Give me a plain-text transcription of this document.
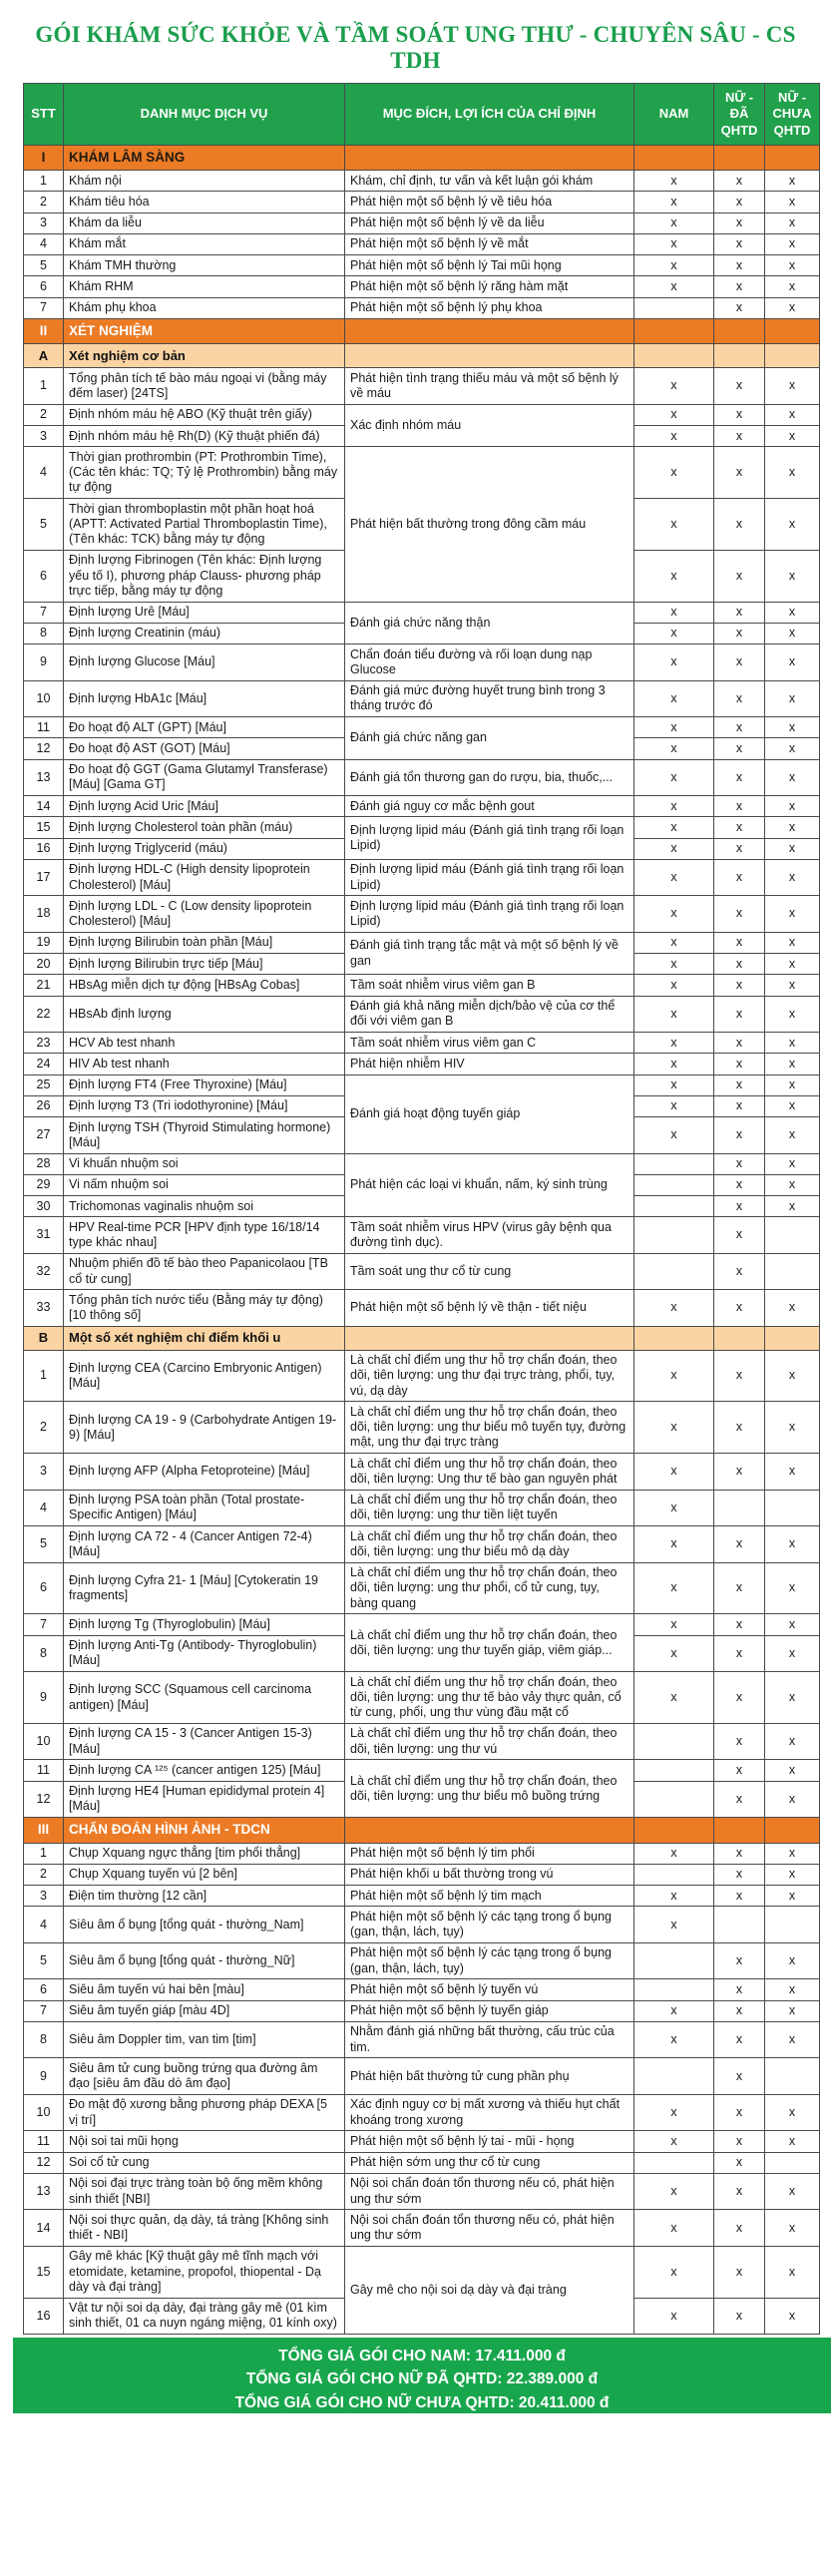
GÓI KHÁM SỨC KHỎE VÀ TẦM SOÁT UNG THƯ - CHUYÊN SÂU - CS TDH
STT	DANH MỤC DỊCH VỤ	MỤC ĐÍCH, LỢI ÍCH CỦA CHỈ ĐỊNH	NAM	NỮ - ĐÃ QHTD	NỮ - CHƯA QHTD
I	KHÁM LÂM SÀNG				
1	Khám nội	Khám, chỉ định, tư vấn và kết luận gói khám	x	x	x
2	Khám tiêu hóa	Phát hiện một số bệnh lý về tiêu hóa	x	x	x
3	Khám da liễu	Phát hiện một số bệnh lý về da liễu	x	x	x
4	Khám mắt	Phát hiện một số bệnh lý về mắt	x	x	x
5	Khám TMH thường	Phát hiện một số bệnh lý Tai mũi họng	x	x	x
6	Khám RHM	Phát hiện một số bệnh lý răng hàm mặt	x	x	x
7	Khám phụ khoa	Phát hiện một số bệnh lý phụ khoa		x	x
II	XÉT NGHIỆM				
A	Xét nghiệm cơ bản				
1	Tổng phân tích tế bào máu ngoại vi (bằng máy đếm laser) [24TS]	Phát hiện tình trạng thiếu máu và một số bệnh lý về máu	x	x	x
2	Định nhóm máu hệ ABO (Kỹ thuật trên giấy)	Xác định nhóm máu	x	x	x
3	Định nhóm máu hệ Rh(D) (Kỹ thuật phiến đá)		x	x	x
4	Thời gian prothrombin (PT: Prothrombin Time), (Các tên khác: TQ; Tỷ lệ Prothrombin) bằng máy tự động	Phát hiện bất thường trong đông cầm máu	x	x	x
5	Thời gian thromboplastin một phần hoạt hoá (APTT: Activated Partial Thromboplastin Time), (Tên khác: TCK) bằng máy tự động		x	x	x
6	Định lượng Fibrinogen (Tên khác: Định lượng yếu tố I), phương pháp Clauss- phương pháp trực tiếp, bằng máy tự động		x	x	x
7	Định lượng Urê [Máu]	Đánh giá chức năng thận	x	x	x
8	Định lượng Creatinin (máu)		x	x	x
9	Định lượng Glucose [Máu]	Chẩn đoán tiểu đường và rối loạn dung nạp Glucose	x	x	x
10	Định lượng HbA1c [Máu]	Đánh giá mức đường huyết trung bình trong 3 tháng trước đó	x	x	x
11	Đo hoạt độ ALT (GPT) [Máu]	Đánh giá chức năng gan	x	x	x
12	Đo hoạt độ AST (GOT) [Máu]		x	x	x
13	Đo hoạt độ GGT (Gama Glutamyl Transferase) [Máu] [Gama GT]	Đánh giá tổn thương gan do rượu, bia, thuốc,...	x	x	x
14	Định lượng Acid Uric [Máu]	Đánh giá nguy cơ mắc bệnh gout	x	x	x
15	Định lượng Cholesterol toàn phần (máu)	Định lượng lipid máu (Đánh giá tình trạng rối loạn Lipid)	x	x	x
16	Định lượng Triglycerid (máu)		x	x	x
17	Định lượng HDL-C (High density lipoprotein Cholesterol) [Máu]	Định lượng lipid máu (Đánh giá tình trạng rối loạn Lipid)	x	x	x
18	Định lượng LDL - C (Low density lipoprotein Cholesterol) [Máu]	Định lượng lipid máu (Đánh giá tình trạng rối loạn Lipid)	x	x	x
19	Định lượng Bilirubin toàn phần [Máu]	Đánh giá tình trạng tắc mật và một số bệnh lý về gan	x	x	x
20	Định lượng Bilirubin trực tiếp [Máu]		x	x	x
21	HBsAg miễn dịch tự động [HBsAg Cobas]	Tầm soát nhiễm virus viêm gan B	x	x	x
22	HBsAb định lượng	Đánh giá khả năng miễn dịch/bảo vệ của cơ thể đối với viêm gan B	x	x	x
23	HCV Ab test nhanh	Tầm soát nhiễm virus viêm gan C	x	x	x
24	HIV Ab test nhanh	Phát hiện nhiễm HIV	x	x	x
25	Định lượng FT4 (Free Thyroxine) [Máu]	Đánh giá hoạt động tuyến giáp	x	x	x
26	Định lượng T3 (Tri iodothyronine) [Máu]		x	x	x
27	Định lượng TSH (Thyroid Stimulating hormone) [Máu]		x	x	x
28	Vi khuẩn nhuộm soi	Phát hiện các loại vi khuẩn, nấm, ký sinh trùng		x	x
29	Vi nấm nhuộm soi			x	x
30	Trichomonas vaginalis nhuộm soi			x	x
31	HPV Real-time PCR [HPV định type 16/18/14 type khác nhau]	Tầm soát nhiễm virus HPV (virus gây bệnh qua đường tình dục).		x	
32	Nhuộm phiến đồ tế bào theo Papanicolaou [TB cổ từ cung]	Tầm soát ung thư cổ từ cung		x	
33	Tổng phân tích nước tiểu (Bằng máy tự động) [10 thông số]	Phát hiện một số bệnh lý về thận - tiết niệu	x	x	x
B	Một số xét nghiệm chỉ điểm khối u				
1	Định lượng CEA (Carcino Embryonic Antigen) [Máu]	Là chất chỉ điểm ung thư hỗ trợ chẩn đoán, theo dõi, tiên lượng: ung thư đại trực tràng, phổi, tụy, vú, dạ dày	x	x	x
2	Định lượng CA 19 - 9 (Carbohydrate Antigen 19-9) [Máu]	Là chất chỉ điểm ung thư hỗ trợ chẩn đoán, theo dõi, tiên lượng: ung thư biểu mô tuyến tụy, đường mật, ung thư đại trực tràng	x	x	x
3	Định lượng AFP (Alpha Fetoproteine) [Máu]	Là chất chỉ điểm ung thư hỗ trợ chẩn đoán, theo dõi, tiên lượng: Ung thư tế bào gan nguyên phát	x	x	x
4	Định lượng PSA toàn phần (Total prostate-Specific Antigen) [Máu]	Là chất chỉ điểm ung thư hỗ trợ chẩn đoán, theo dõi, tiên lượng: ung thư tiền liệt tuyến	x		
5	Định lượng CA 72 - 4 (Cancer Antigen 72-4) [Máu]	Là chất chỉ điểm ung thư hỗ trợ chẩn đoán, theo dõi, tiên lượng: ung thư biểu mô dạ dày	x	x	x
6	Định lượng Cyfra 21- 1 [Máu] [Cytokeratin 19 fragments]	Là chất chỉ điểm ung thư hỗ trợ chẩn đoán, theo dõi, tiên lượng: ung thư phổi, cổ tử cung, tụy, bàng quang	x	x	x
7	Định lượng Tg (Thyroglobulin) [Máu]	Là chất chỉ điểm ung thư hỗ trợ chẩn đoán, theo dõi, tiên lượng: ung thư tuyến giáp, viêm giáp...	x	x	x
8	Định lượng Anti-Tg (Antibody- Thyroglobulin) [Máu]		x	x	x
9	Định lượng SCC (Squamous cell carcinoma antigen) [Máu]	Là chất chỉ điểm ung thư hỗ trợ chẩn đoán, theo dõi, tiên lượng: ung thư tế bào vảy thực quản, cổ từ cung, phổi, ung thư vùng đầu mặt cổ	x	x	x
10	Định lượng CA 15 - 3 (Cancer Antigen 15-3) [Máu]	Là chất chỉ điểm ung thư hỗ trợ chẩn đoán, theo dõi, tiên lượng: ung thư vú		x	x
11	Định lượng CA ¹²⁵ (cancer antigen 125) [Máu]	Là chất chỉ điểm ung thư hỗ trợ chẩn đoán, theo dõi, tiên lượng: ung thư biểu mô buồng trứng		x	x
12	Định lượng HE4 [Human epididymal protein 4] [Máu]			x	x
III	CHẤN ĐOÁN HÌNH ẢNH - TDCN				
1	Chụp Xquang ngực thẳng [tim phổi thẳng]	Phát hiện một số bệnh lý tim phổi	x	x	x
2	Chụp Xquang tuyến vú [2 bên]	Phát hiện khối u bất thường trong vú		x	x
3	Điện tim thường [12 cần]	Phát hiện một số bệnh lý tim mạch	x	x	x
4	Siêu âm ổ bụng [tổng quát - thường_Nam]	Phát hiện một số bệnh lý các tạng trong ổ bụng (gan, thận, lách, tụy)	x		
5	Siêu âm ổ bụng [tổng quát - thường_Nữ]	Phát hiện một số bệnh lý các tạng trong ổ bụng (gan, thận, lách, tụy)		x	x
6	Siêu âm tuyến vú hai bên [màu]	Phát hiện một số bệnh lý tuyến vú		x	x
7	Siêu âm tuyến giáp [màu 4D]	Phát hiện một số bệnh lý tuyến giáp	x	x	x
8	Siêu âm Doppler tim, van tim [tim]	Nhằm đánh giá những bất thường, cấu trúc của tim.	x	x	x
9	Siêu âm tử cung buồng trứng qua đường âm đạo [siêu âm đầu dò âm đạo]	Phát hiện bất thường tử cung phần phụ		x	
10	Đo mật độ xương bằng phương pháp DEXA [5 vị trí]	Xác định nguy cơ bị mất xương và thiếu hụt chất khoáng trong xương	x	x	x
11	Nội soi tai mũi họng	Phát hiện một số bệnh lý tai - mũi - họng	x	x	x
12	Soi cổ tử cung	Phát hiện sớm ung thư cổ từ cung		x	
13	Nội soi đại trực tràng toàn bộ ống mềm không sinh thiết [NBI]	Nội soi chẩn đoán tổn thương nếu có, phát hiện ung thư sớm	x	x	x
14	Nội soi thực quản, dạ dày, tá tràng [Không sinh thiết - NBI]	Nội soi chẩn đoán tổn thương nếu có, phát hiện ung thư sớm	x	x	x
15	Gây mê khác [Kỹ thuật gây mê tĩnh mạch với etomidate, ketamine, propofol, thiopental - Dạ dày và đại tràng]	Gây mê cho nội soi dạ dày và đại tràng	x	x	x
16	Vật tư nội soi dạ dày, đại tràng gây mê (01 kìm sinh thiết, 01 ca nuyn ngáng miệng, 01 kính oxy)		x	x	x
TỔNG GIÁ GÓI CHO NAM: 17.411.000 đ
TỔNG GIÁ GÓI CHO NỮ ĐÃ QHTD: 22.389.000 đ
TỔNG GIÁ GÓI CHO NỮ CHƯA QHTD: 20.411.000 đ
